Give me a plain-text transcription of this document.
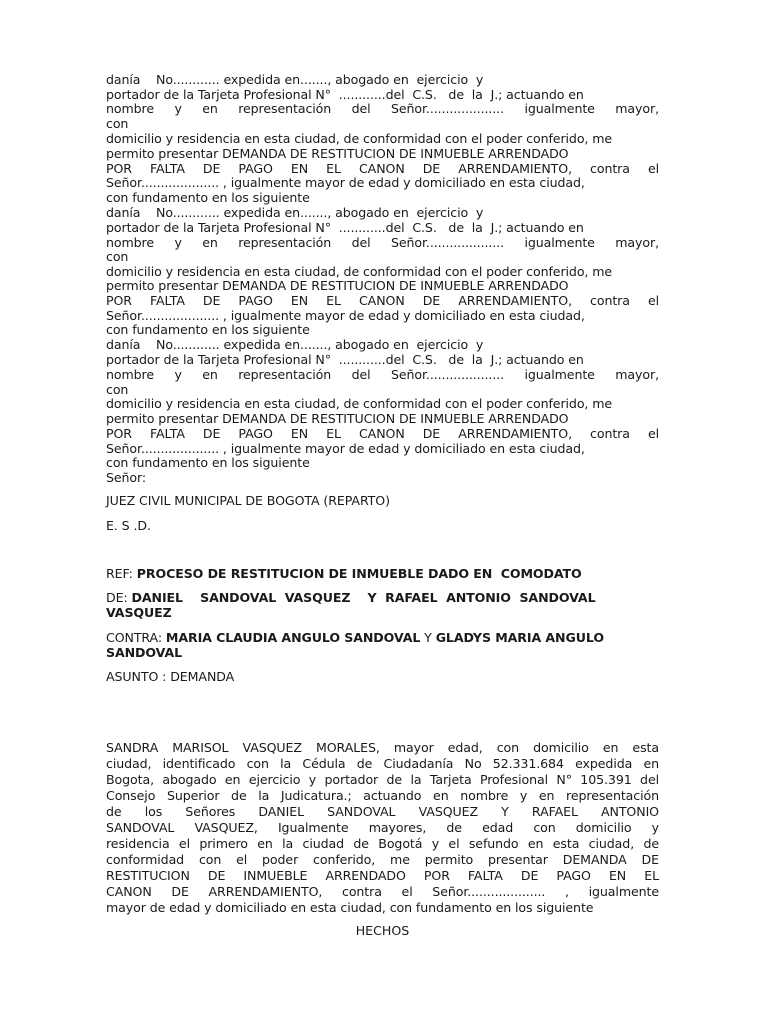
danía    No............ expedida en......., abogado en  ejercicio  y
portador de la Tarjeta Profesional N°  ............del  C.S.   de  la  J.; actuando en
nombre y en representación del Señor.................... igualmente mayor,
con
domicilio y residencia en esta ciudad, de conformidad con el poder conferido, me
permito presentar DEMANDA DE RESTITUCION DE INMUEBLE ARRENDADO
POR FALTA DE PAGO EN EL CANON DE ARRENDAMIENTO, contra el
Señor.................... , igualmente mayor de edad y domiciliado en esta ciudad,
con fundamento en los siguiente
danía    No............ expedida en......., abogado en  ejercicio  y
portador de la Tarjeta Profesional N°  ............del  C.S.   de  la  J.; actuando en
nombre y en representación del Señor.................... igualmente mayor,
con
domicilio y residencia en esta ciudad, de conformidad con el poder conferido, me
permito presentar DEMANDA DE RESTITUCION DE INMUEBLE ARRENDADO
POR FALTA DE PAGO EN EL CANON DE ARRENDAMIENTO, contra el
Señor.................... , igualmente mayor de edad y domiciliado en esta ciudad,
con fundamento en los siguiente
danía    No............ expedida en......., abogado en  ejercicio  y
portador de la Tarjeta Profesional N°  ............del  C.S.   de  la  J.; actuando en
nombre y en representación del Señor.................... igualmente mayor,
con
domicilio y residencia en esta ciudad, de conformidad con el poder conferido, me
permito presentar DEMANDA DE RESTITUCION DE INMUEBLE ARRENDADO
POR FALTA DE PAGO EN EL CANON DE ARRENDAMIENTO, contra el
Señor.................... , igualmente mayor de edad y domiciliado en esta ciudad,
con fundamento en los siguiente
Señor:
JUEZ CIVIL MUNICIPAL DE BOGOTA (REPARTO)
E. S .D.
REF: PROCESO DE RESTITUCION DE INMUEBLE DADO EN  COMODATO
DE: DANIEL    SANDOVAL  VASQUEZ    Y  RAFAEL  ANTONIO  SANDOVAL
VASQUEZ
CONTRA: MARIA CLAUDIA ANGULO SANDOVAL Y GLADYS MARIA ANGULO
SANDOVAL
ASUNTO : DEMANDA
SANDRA MARISOL VASQUEZ MORALES, mayor edad, con domicilio en esta
ciudad, identificado con la Cédula de Ciudadanía No 52.331.684 expedida en
Bogota, abogado en ejercicio y portador de la Tarjeta Profesional N° 105.391 del
Consejo Superior de la Judicatura.; actuando en nombre y en representación
de los Señores DANIEL SANDOVAL VASQUEZ Y RAFAEL ANTONIO
SANDOVAL VASQUEZ, Igualmente mayores, de edad con domicilio y
residencia el primero en la ciudad de Bogotá y el sefundo en esta ciudad, de
conformidad con el poder conferido, me permito presentar DEMANDA DE
RESTITUCION DE INMUEBLE ARRENDADO POR FALTA DE PAGO EN EL
CANON DE ARRENDAMIENTO, contra el Señor.................... , igualmente
mayor de edad y domiciliado en esta ciudad, con fundamento en los siguiente
HECHOS
